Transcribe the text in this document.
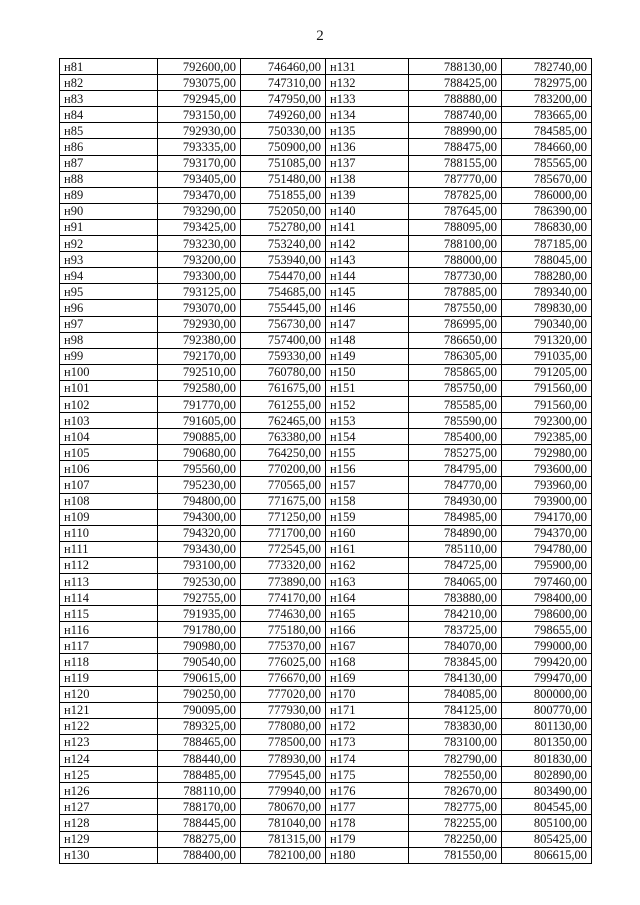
2
н81	792600,00	746460,00	н131	788130,00	782740,00
н82	793075,00	747310,00	н132	788425,00	782975,00
н83	792945,00	747950,00	н133	788880,00	783200,00
н84	793150,00	749260,00	н134	788740,00	783665,00
н85	792930,00	750330,00	н135	788990,00	784585,00
н86	793335,00	750900,00	н136	788475,00	784660,00
н87	793170,00	751085,00	н137	788155,00	785565,00
н88	793405,00	751480,00	н138	787770,00	785670,00
н89	793470,00	751855,00	н139	787825,00	786000,00
н90	793290,00	752050,00	н140	787645,00	786390,00
н91	793425,00	752780,00	н141	788095,00	786830,00
н92	793230,00	753240,00	н142	788100,00	787185,00
н93	793200,00	753940,00	н143	788000,00	788045,00
н94	793300,00	754470,00	н144	787730,00	788280,00
н95	793125,00	754685,00	н145	787885,00	789340,00
н96	793070,00	755445,00	н146	787550,00	789830,00
н97	792930,00	756730,00	н147	786995,00	790340,00
н98	792380,00	757400,00	н148	786650,00	791320,00
н99	792170,00	759330,00	н149	786305,00	791035,00
н100	792510,00	760780,00	н150	785865,00	791205,00
н101	792580,00	761675,00	н151	785750,00	791560,00
н102	791770,00	761255,00	н152	785585,00	791560,00
н103	791605,00	762465,00	н153	785590,00	792300,00
н104	790885,00	763380,00	н154	785400,00	792385,00
н105	790680,00	764250,00	н155	785275,00	792980,00
н106	795560,00	770200,00	н156	784795,00	793600,00
н107	795230,00	770565,00	н157	784770,00	793960,00
н108	794800,00	771675,00	н158	784930,00	793900,00
н109	794300,00	771250,00	н159	784985,00	794170,00
н110	794320,00	771700,00	н160	784890,00	794370,00
н111	793430,00	772545,00	н161	785110,00	794780,00
н112	793100,00	773320,00	н162	784725,00	795900,00
н113	792530,00	773890,00	н163	784065,00	797460,00
н114	792755,00	774170,00	н164	783880,00	798400,00
н115	791935,00	774630,00	н165	784210,00	798600,00
н116	791780,00	775180,00	н166	783725,00	798655,00
н117	790980,00	775370,00	н167	784070,00	799000,00
н118	790540,00	776025,00	н168	783845,00	799420,00
н119	790615,00	776670,00	н169	784130,00	799470,00
н120	790250,00	777020,00	н170	784085,00	800000,00
н121	790095,00	777930,00	н171	784125,00	800770,00
н122	789325,00	778080,00	н172	783830,00	801130,00
н123	788465,00	778500,00	н173	783100,00	801350,00
н124	788440,00	778930,00	н174	782790,00	801830,00
н125	788485,00	779545,00	н175	782550,00	802890,00
н126	788110,00	779940,00	н176	782670,00	803490,00
н127	788170,00	780670,00	н177	782775,00	804545,00
н128	788445,00	781040,00	н178	782255,00	805100,00
н129	788275,00	781315,00	н179	782250,00	805425,00
н130	788400,00	782100,00	н180	781550,00	806615,00
